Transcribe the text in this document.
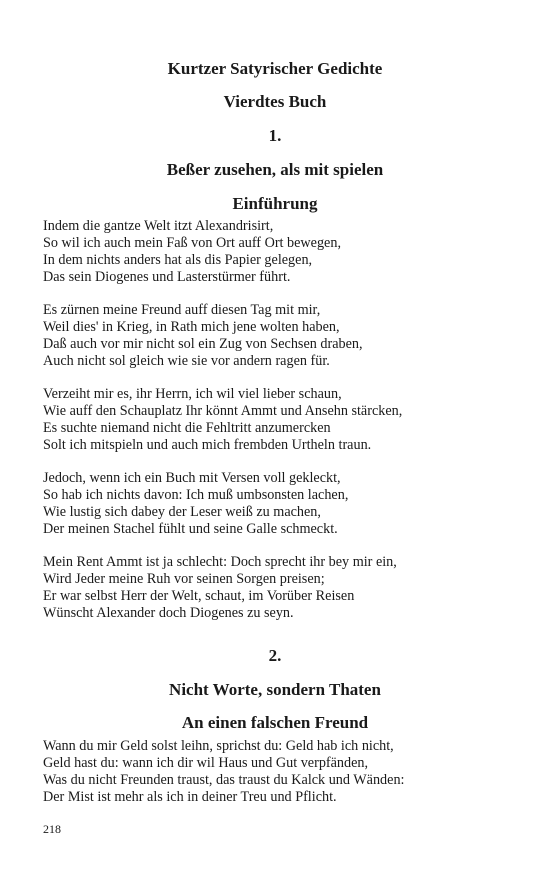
Kurtzer Satyrischer Gedichte
Vierdtes Buch
1.
Beßer zusehen, als mit spielen
Einführung
Indem die gantze Welt itzt Alexandrisirt,
So wil ich auch mein Faß von Ort auff Ort bewegen,
In dem nichts anders hat als dis Papier gelegen,
Das sein Diogenes und Lasterstürmer führt.
Es zürnen meine Freund auff diesen Tag mit mir,
Weil dies' in Krieg, in Rath mich jene wolten haben,
Daß auch vor mir nicht sol ein Zug von Sechsen draben,
Auch nicht sol gleich wie sie vor andern ragen für.
Verzeiht mir es, ihr Herrn, ich wil viel lieber schaun,
Wie auff den Schauplatz Ihr könnt Ammt und Ansehn stärcken,
Es suchte niemand nicht die Fehltritt anzumercken
Solt ich mitspieln und auch mich frembden Urtheln traun.
Jedoch, wenn ich ein Buch mit Versen voll gekleckt,
So hab ich nichts davon: Ich muß umbsonsten lachen,
Wie lustig sich dabey der Leser weiß zu machen,
Der meinen Stachel fühlt und seine Galle schmeckt.
Mein Rent Ammt ist ja schlecht: Doch sprecht ihr bey mir ein,
Wird Jeder meine Ruh vor seinen Sorgen preisen;
Er war selbst Herr der Welt, schaut, im Vorüber Reisen
Wünscht Alexander doch Diogenes zu seyn.
2.
Nicht Worte, sondern Thaten
An einen falschen Freund
Wann du mir Geld solst leihn, sprichst du: Geld hab ich nicht,
Geld hast du: wann ich dir wil Haus und Gut verpfänden,
Was du nicht Freunden traust, das traust du Kalck und Wänden:
Der Mist ist mehr als ich in deiner Treu und Pflicht.
218
